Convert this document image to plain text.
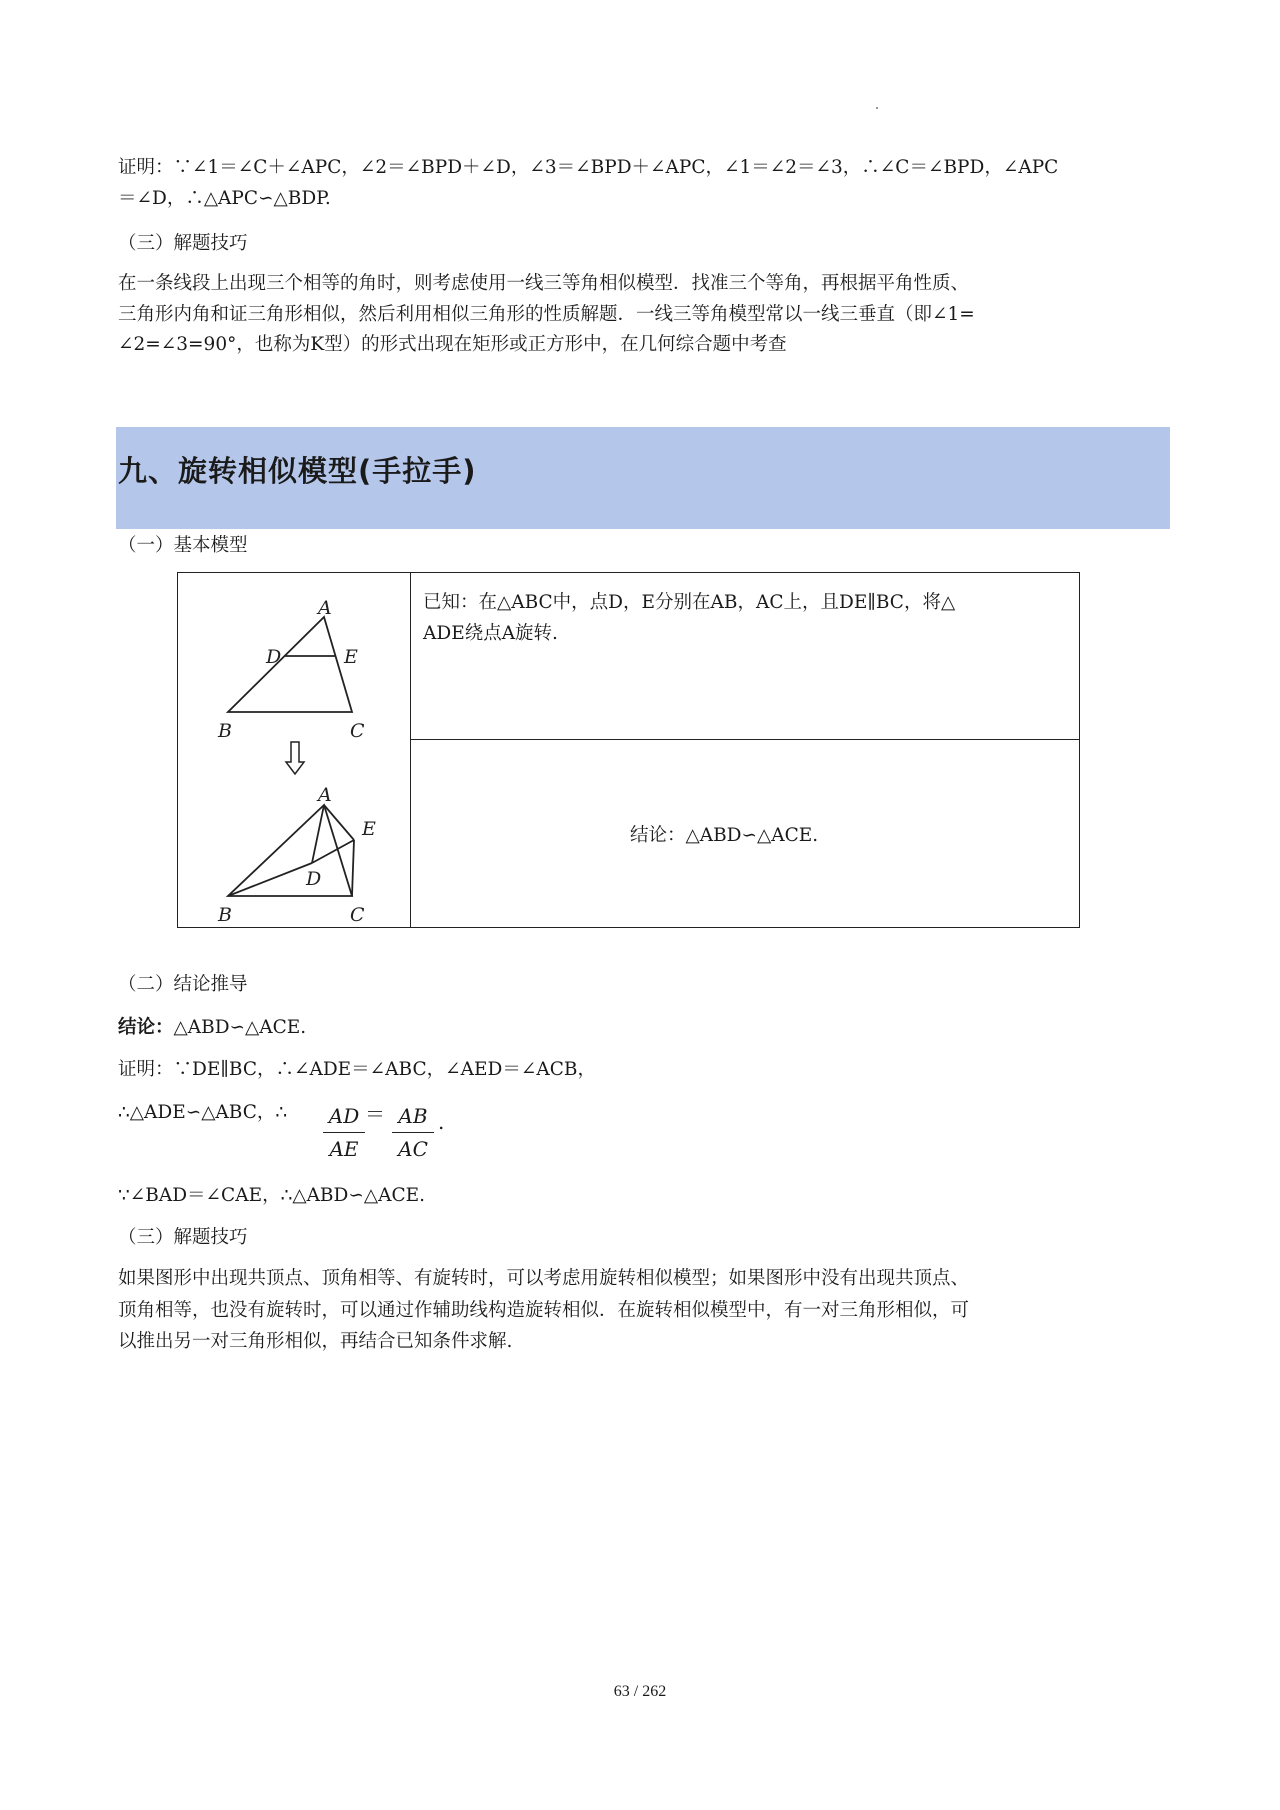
证明：∵∠1＝∠C＋∠APC，∠2＝∠BPD＋∠D，∠3＝∠BPD＋∠APC，∠1＝∠2＝∠3，∴∠C＝∠BPD，∠APC
＝∠D，∴△APC∽△BDP.
（三）解题技巧
在一条线段上出现三个相等的角时，则考虑使用一线三等角相似模型．找准三个等角，再根据平角性质、
三角形内角和证三角形相似，然后利用相似三角形的性质解题．一线三等角模型常以一线三垂直（即∠1=
∠2=∠3=90°，也称为K型）的形式出现在矩形或正方形中，在几何综合题中考查
九、旋转相似模型(手拉手)
（一）基本模型
A
D	E
B	C
A
E
D
B	C
已知：在△ABC中，点D，E分别在AB，AC上，且DE∥BC，将△
ADE绕点A旋转.
结论：△ABD∽△ACE.
（二）结论推导
结论：△ABD∽△ACE.
证明：∵DE∥BC，∴∠ADE＝∠ABC，∠AED＝∠ACB，
∴△ADE∽△ABC，∴	AD
AE
＝ AB
AC
.
∵∠BAD＝∠CAE，∴△ABD∽△ACE.
（三）解题技巧
如果图形中出现共顶点、顶角相等、有旋转时，可以考虑用旋转相似模型；如果图形中没有出现共顶点、
顶角相等，也没有旋转时，可以通过作辅助线构造旋转相似．在旋转相似模型中，有一对三角形相似，可
以推出另一对三角形相似，再结合已知条件求解.
63 / 262
